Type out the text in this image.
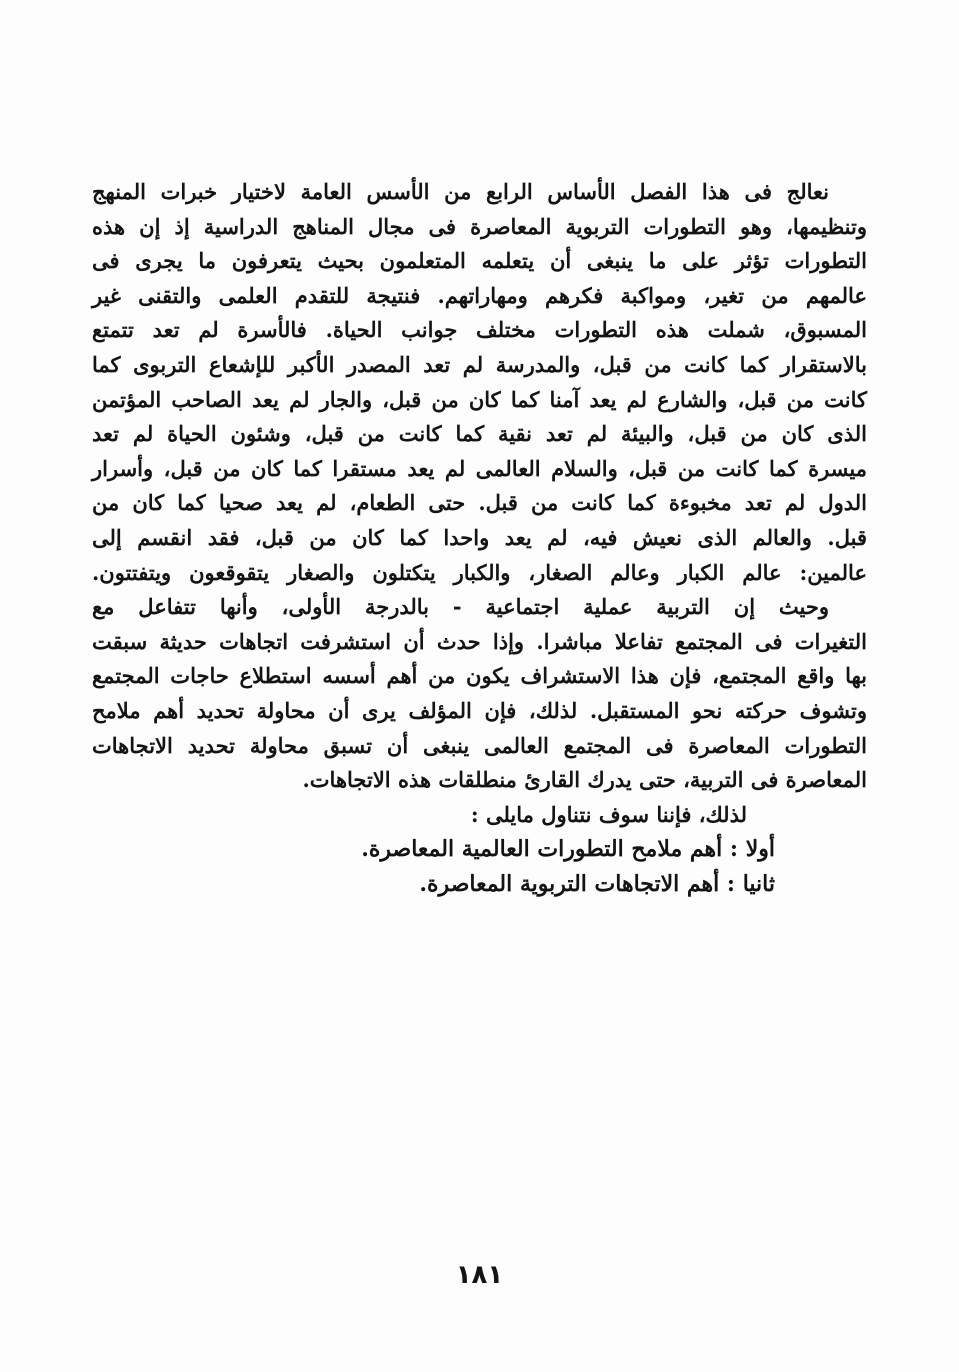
نعالج فى هذا الفصل الأساس الرابع من الأسس العامة لاختيار خبرات المنهج
وتنظيمها، وهو التطورات التربوية المعاصرة فى مجال المناهج الدراسية إذ إن هذه
التطورات تؤثر على ما ينبغى أن يتعلمه المتعلمون بحيث يتعرفون ما يجرى فى
عالمهم من تغير، ومواكبة فكرهم ومهاراتهم. فنتيجة للتقدم العلمى والتقنى غير
المسبوق، شملت هذه التطورات مختلف جوانب الحياة. فالأسرة لم تعد تتمتع
بالاستقرار كما كانت من قبل، والمدرسة لم تعد المصدر الأكبر للإشعاع التربوى كما
كانت من قبل، والشارع لم يعد آمنا كما كان من قبل، والجار لم يعد الصاحب المؤتمن
الذى كان من قبل، والبيئة لم تعد نقية كما كانت من قبل، وشئون الحياة لم تعد
ميسرة كما كانت من قبل، والسلام العالمى لم يعد مستقرا كما كان من قبل، وأسرار
الدول لم تعد مخبوءة كما كانت من قبل. حتى الطعام، لم يعد صحيا كما كان من
قبل. والعالم الذى نعيش فيه، لم يعد واحدا كما كان من قبل، فقد انقسم إلى
عالمين: عالم الكبار وعالم الصغار، والكبار يتكتلون والصغار يتقوقعون ويتفتتون.
وحيث إن التربية عملية اجتماعية - بالدرجة الأولى، وأنها تتفاعل مع
التغيرات فى المجتمع تفاعلا مباشرا. وإذا حدث أن استشرفت اتجاهات حديثة سبقت
بها واقع المجتمع، فإن هذا الاستشراف يكون من أهم أسسه استطلاع حاجات المجتمع
وتشوف حركته نحو المستقبل. لذلك، فإن المؤلف يرى أن محاولة تحديد أهم ملامح
التطورات المعاصرة فى المجتمع العالمى ينبغى أن تسبق محاولة تحديد الاتجاهات
المعاصرة فى التربية، حتى يدرك القارئ منطلقات هذه الاتجاهات.
لذلك، فإننا سوف نتناول مايلى :
أولا : أهم ملامح التطورات العالمية المعاصرة.
ثانيا : أهم الاتجاهات التربوية المعاصرة.
١٨١
